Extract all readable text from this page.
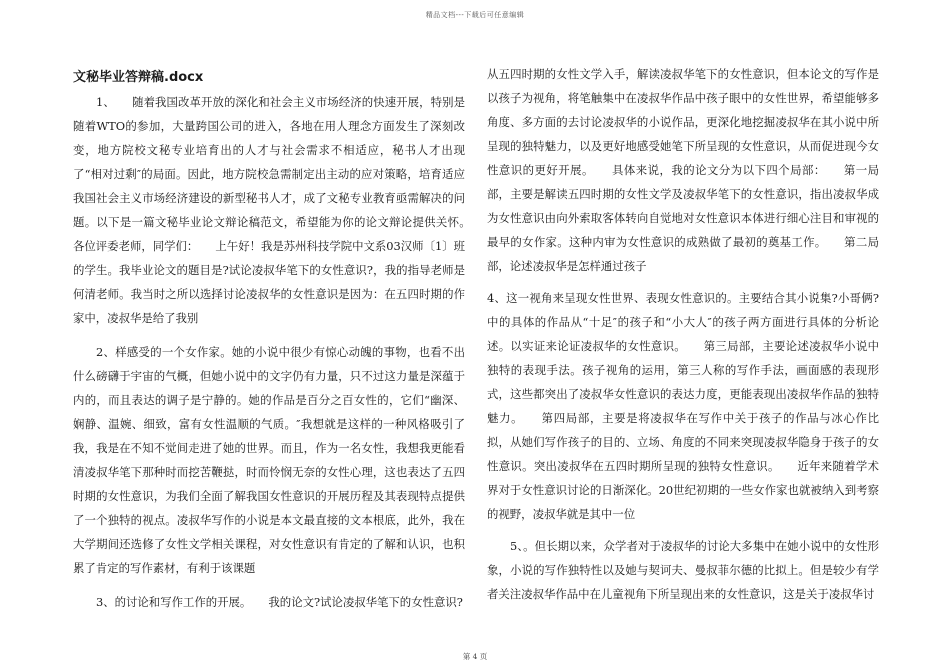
精品文档---下载后可任意编辑
文秘毕业答辩稿.docx

1、　　随着我国改革开放的深化和社会主义市场经济的快速开展，特别是随着WTO的参加，大量跨国公司的进入，各地在用人理念方面发生了深刻改变，地方院校文秘专业培育出的人才与社会需求不相适应，秘书人才出现了“相对过剩″的局面。因此，地方院校急需制定出主动的应对策略，培育适应我国社会主义市场经济建设的新型秘书人才，成了文秘专业教育亟需解决的问题。以下是一篇文秘毕业论文辩论稿范文，希望能为你的论文辩论提供关怀。　　各位评委老师，同学们：　　上午好！我是苏州科技学院中文系03汉师〔1〕班的学生。我毕业论文的题目是?试论凌叔华笔下的女性意识?，我的指导老师是何清老师。我当时之所以选择讨论凌叔华的女性意识是因为：在五四时期的作家中，凌叔华是给了我别

2、样感受的一个女作家。她的小说中很少有惊心动魄的事物，也看不出什么磅礴于宇宙的气概，但她小说中的文字仍有力量，只不过这力量是深蕴于内的，而且表达的调子是宁静的。她的作品是百分之百女性的，它们“幽深、娴静、温婉、细致，富有女性温顺的气质。″我想就是这样的一种风格吸引了我，我是在不知不觉间走进了她的世界。而且，作为一名女性，我想我更能看清凌叔华笔下那种时而挖苦鞭挞，时而怜悯无奈的女性心理，这也表达了五四时期的女性意识，为我们全面了解我国女性意识的开展历程及其表现特点提供了一个独特的视点。凌叔华写作的小说是本文最直接的文本根底，此外，我在大学期间还选修了女性文学相关课程，对女性意识有肯定的了解和认识，也积累了肯定的写作素材，有利于该课题

3、的讨论和写作工作的开展。　　我的论文?试论凌叔华笔下的女性意识?

从五四时期的女性文学入手，解读凌叔华笔下的女性意识，但本论文的写作是以孩子为视角，将笔触集中在凌叔华作品中孩子眼中的女性世界，希望能够多角度、多方面的去讨论凌叔华的小说作品，更深化地挖掘凌叔华在其小说中所呈现的独特魅力，以及更好地感受她笔下所呈现的女性意识，从而促进现今女性意识的更好开展。　　具体来说，我的论文分为以下四个局部：　　第一局部，主要是解读五四时期的女性文学及凌叔华笔下的女性意识，指出凌叔华成为女性意识由向外索取客体转向自觉地对女性意识本体进行细心注目和审视的最早的女作家。这种内审为女性意识的成熟做了最初的奠基工作。　　第二局部，论述凌叔华是怎样通过孩子

4、这一视角来呈现女性世界、表现女性意识的。主要结合其小说集?小哥俩?中的具体的作品从“十足″的孩子和“小大人″的孩子两方面进行具体的分析论述。以实证来论证凌叔华的女性意识。　　第三局部，主要论述凌叔华小说中独特的表现手法。孩子视角的运用，第三人称的写作手法，画面感的表现形式，这些都突出了凌叔华女性意识的表达力度，更能表现出凌叔华作品的独特魅力。　　第四局部，主要是将凌叔华在写作中关于孩子的作品与冰心作比拟，从她们写作孩子的目的、立场、角度的不同来突现凌叔华隐身于孩子的女性意识。突出凌叔华在五四时期所呈现的独特女性意识。　　近年来随着学术界对于女性意识讨论的日渐深化。20世纪初期的一些女作家也就被纳入到考察的视野，凌叔华就是其中一位

5、。但长期以来，众学者对于凌叔华的讨论大多集中在她小说中的女性形象，小说的写作独特性以及她与契诃夫、曼叔菲尔德的比拟上。但是较少有学者关注凌叔华作品中在儿童视角下所呈现出来的女性意识，这是关于凌叔华讨

第 4 页
